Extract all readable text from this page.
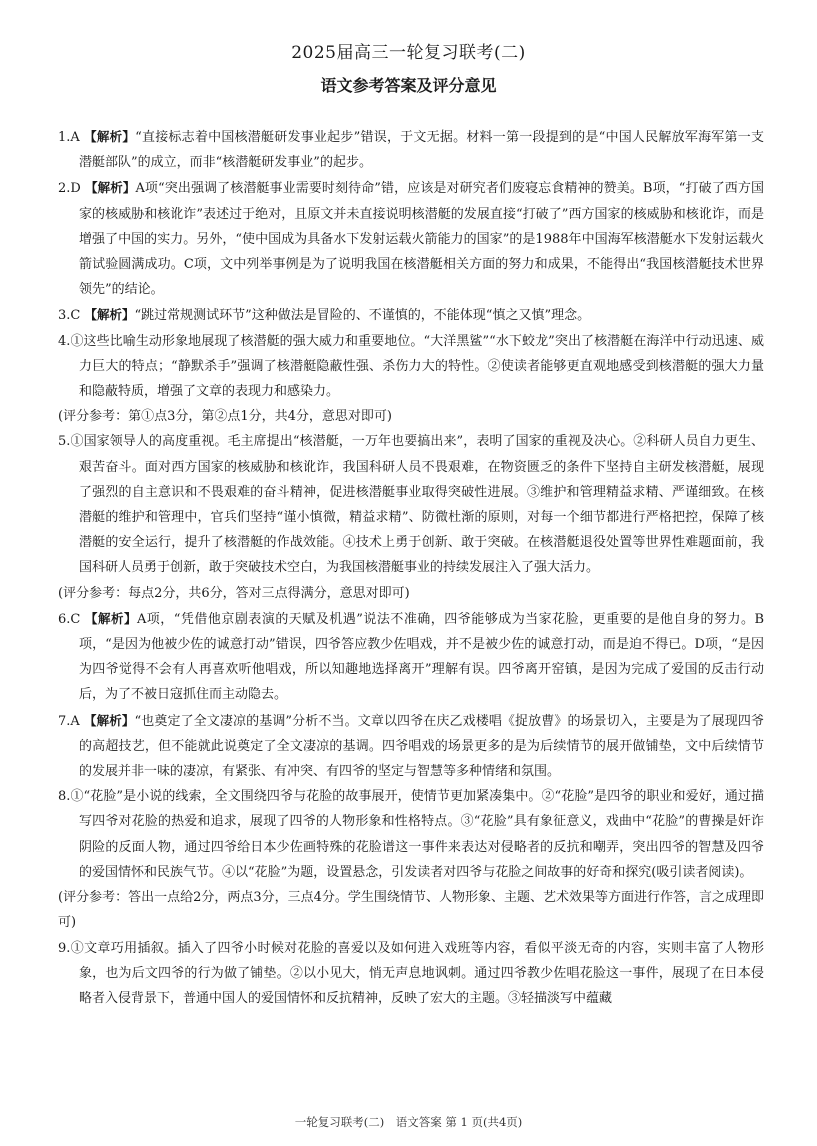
2025届高三一轮复习联考(二)
语文参考答案及评分意见

1.A 【解析】“直接标志着中国核潜艇研发事业起步”错误，于文无据。材料一第一段提到的是“中国人民解放军海军第一支潜艇部队”的成立，而非“核潜艇研发事业”的起步。

2.D 【解析】A项“突出强调了核潜艇事业需要时刻待命”错，应该是对研究者们废寝忘食精神的赞美。B项，“打破了西方国家的核威胁和核讹诈”表述过于绝对，且原文并未直接说明核潜艇的发展直接“打破了”西方国家的核威胁和核讹诈，而是增强了中国的实力。另外，“使中国成为具备水下发射运载火箭能力的国家”的是1988年中国海军核潜艇水下发射运载火箭试验圆满成功。C项，文中列举事例是为了说明我国在核潜艇相关方面的努力和成果，不能得出“我国核潜艇技术世界领先”的结论。

3.C 【解析】“跳过常规测试环节”这种做法是冒险的、不谨慎的，不能体现“慎之又慎”理念。

4.①这些比喻生动形象地展现了核潜艇的强大威力和重要地位。“大洋黑鲨”“水下蛟龙”突出了核潜艇在海洋中行动迅速、威力巨大的特点；“静默杀手”强调了核潜艇隐蔽性强、杀伤力大的特性。②使读者能够更直观地感受到核潜艇的强大力量和隐蔽特质，增强了文章的表现力和感染力。

(评分参考：第①点3分，第②点1分，共4分，意思对即可)

5.①国家领导人的高度重视。毛主席提出“核潜艇，一万年也要搞出来”，表明了国家的重视及决心。②科研人员自力更生、艰苦奋斗。面对西方国家的核威胁和核讹诈，我国科研人员不畏艰难，在物资匮乏的条件下坚持自主研发核潜艇，展现了强烈的自主意识和不畏艰难的奋斗精神，促进核潜艇事业取得突破性进展。③维护和管理精益求精、严谨细致。在核潜艇的维护和管理中，官兵们坚持“谨小慎微，精益求精”、防微杜渐的原则，对每一个细节都进行严格把控，保障了核潜艇的安全运行，提升了核潜艇的作战效能。④技术上勇于创新、敢于突破。在核潜艇退役处置等世界性难题面前，我国科研人员勇于创新，敢于突破技术空白，为我国核潜艇事业的持续发展注入了强大活力。

(评分参考：每点2分，共6分，答对三点得满分，意思对即可)

6.C 【解析】A项，“凭借他京剧表演的天赋及机遇”说法不准确，四爷能够成为当家花脸，更重要的是他自身的努力。B项，“是因为他被少佐的诚意打动”错误，四爷答应教少佐唱戏，并不是被少佐的诚意打动，而是迫不得已。D项，“是因为四爷觉得不会有人再喜欢听他唱戏，所以知趣地选择离开”理解有误。四爷离开窑镇，是因为完成了爱国的反击行动后，为了不被日寇抓住而主动隐去。

7.A 【解析】“也奠定了全文凄凉的基调”分析不当。文章以四爷在庆乙戏楼唱《捉放曹》的场景切入，主要是为了展现四爷的高超技艺，但不能就此说奠定了全文凄凉的基调。四爷唱戏的场景更多的是为后续情节的展开做铺垫，文中后续情节的发展并非一味的凄凉，有紧张、有冲突、有四爷的坚定与智慧等多种情绪和氛围。

8.①“花脸”是小说的线索，全文围绕四爷与花脸的故事展开，使情节更加紧凑集中。②“花脸”是四爷的职业和爱好，通过描写四爷对花脸的热爱和追求，展现了四爷的人物形象和性格特点。③“花脸”具有象征意义，戏曲中“花脸”的曹操是奸诈阴险的反面人物，通过四爷给日本少佐画特殊的花脸谱这一事件来表达对侵略者的反抗和嘲弄，突出四爷的智慧及四爷的爱国情怀和民族气节。④以“花脸”为题，设置悬念，引发读者对四爷与花脸之间故事的好奇和探究(吸引读者阅读)。

(评分参考：答出一点给2分，两点3分，三点4分。学生围绕情节、人物形象、主题、艺术效果等方面进行作答，言之成理即可)

9.①文章巧用插叙。插入了四爷小时候对花脸的喜爱以及如何进入戏班等内容，看似平淡无奇的内容，实则丰富了人物形象，也为后文四爷的行为做了铺垫。②以小见大，悄无声息地讽刺。通过四爷教少佐唱花脸这一事件，展现了在日本侵略者入侵背景下，普通中国人的爱国情怀和反抗精神，反映了宏大的主题。③轻描淡写中蕴藏

一轮复习联考(二)　语文答案 第 1 页(共4页)
